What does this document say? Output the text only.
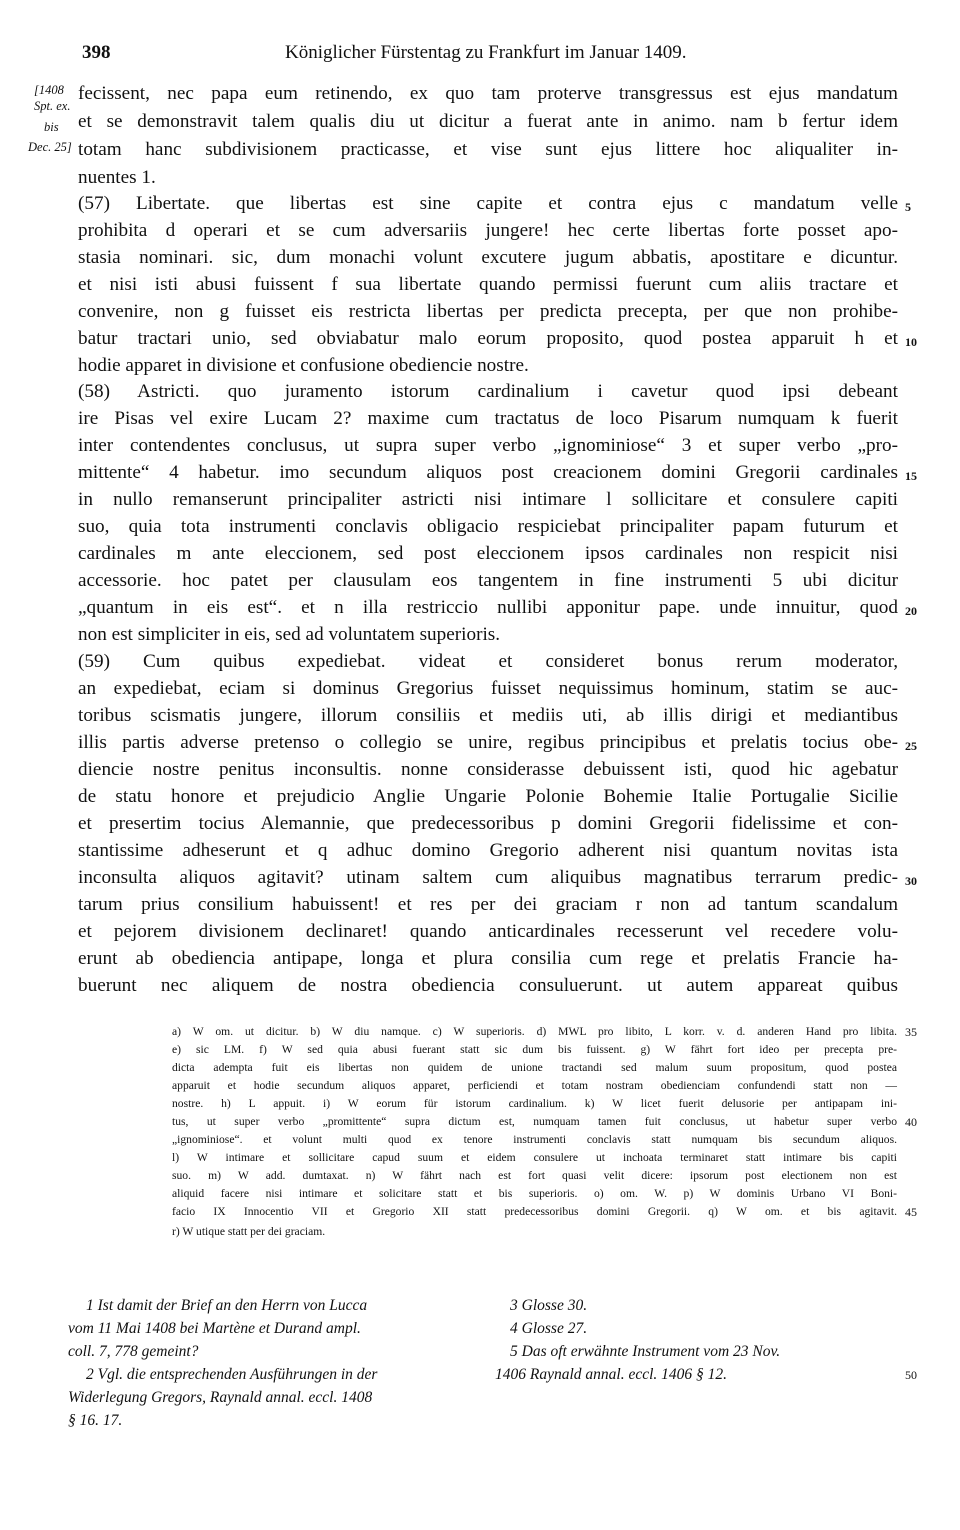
398	Königlicher Fürstentag zu Frankfurt im Januar 1409.
[1408
Spt. ex.
bis
Dec. 25]
fecissent, nec papa eum retinendo, ex quo tam proterve transgressus est ejus mandatum
et se demonstravit talem qualis diu ut dicitur a fuerat ante in animo. nam b fertur idem
totam hanc subdivisionem practicasse, et vise sunt ejus littere hoc aliqualiter in-
nuentes 1.
(57) Libertate. que libertas est sine capite et contra ejus c mandatum velle
prohibita d operari et se cum adversariis jungere! hec certe libertas forte posset apo-
stasia nominari. sic, dum monachi volunt excutere jugum abbatis, apostitare e dicuntur.
et nisi isti abusi fuissent f sua libertate quando permissi fuerunt cum aliis tractare et
convenire, non g fuisset eis restricta libertas per predicta precepta, per que non prohibe-
batur tractari unio, sed obviabatur malo eorum proposito, quod postea apparuit h et
hodie apparet in divisione et confusione obediencie nostre.
(58) Astricti. quo juramento istorum cardinalium i cavetur quod ipsi debeant
ire Pisas vel exire Lucam 2? maxime cum tractatus de loco Pisarum numquam k fuerit
inter contendentes conclusus, ut supra super verbo „ignominiose“ 3 et super verbo „pro-
mittente“ 4 habetur. imo secundum aliquos post creacionem domini Gregorii cardinales
in nullo remanserunt principaliter astricti nisi intimare l sollicitare et consulere capiti
suo, quia tota instrumenti conclavis obligacio respiciebat principaliter papam futurum et
cardinales m ante eleccionem, sed post eleccionem ipsos cardinales non respicit nisi
accessorie. hoc patet per clausulam eos tangentem in fine instrumenti 5 ubi dicitur
„quantum in eis est“. et n illa restriccio nullibi apponitur pape. unde innuitur, quod
non est simpliciter in eis, sed ad voluntatem superioris.
(59) Cum quibus expediebat. videat et consideret bonus rerum moderator,
an expediebat, eciam si dominus Gregorius fuisset nequissimus hominum, statim se auc-
toribus scismatis jungere, illorum consiliis et mediis uti, ab illis dirigi et mediantibus
illis partis adverse pretenso o collegio se unire, regibus principibus et prelatis tocius obe-
diencie nostre penitus inconsultis. nonne considerasse debuissent isti, quod hic agebatur
de statu honore et prejudicio Anglie Ungarie Polonie Bohemie Italie Portugalie Sicilie
et presertim tocius Alemannie, que predecessoribus p domini Gregorii fidelissime et con-
stantissime adheserunt et q adhuc domino Gregorio adherent nisi quantum novitas ista
inconsulta aliquos agitavit? utinam saltem cum aliquibus magnatibus terrarum predic-
tarum prius consilium habuissent! et res per dei graciam r non ad tantum scandalum
et pejorem divisionem declinaret! quando anticardinales recesserunt vel recedere volu-
erunt ab obediencia antipape, longa et plura consilia cum rege et prelatis Francie ha-
buerunt nec aliquem de nostra obediencia consuluerunt. ut autem appareat quibus
5
10
15
20
25
30
a) W om. ut dicitur. b) W diu namque. c) W superioris. d) MWL pro libito, L korr. v. d. anderen Hand pro libita.
e) sic LM. f) W sed quia abusi fuerant statt sic dum bis fuissent. g) W fährt fort ideo per precepta pre-
dicta adempta fuit eis libertas non quidem de unione tractandi sed malum suum propositum, quod postea
apparuit et hodie secundum aliquos apparet, perficiendi et totam nostram obedienciam confundendi statt non —
nostre. h) L appuit. i) W eorum für istorum cardinalium. k) W licet fuerit delusorie per antipapam ini-
tus, ut super verbo „promittente“ supra dictum est, numquam tamen fuit conclusus, ut habetur super verbo
„ignominiose“. et volunt multi quod ex tenore instrumenti conclavis statt numquam bis secundum aliquos.
l) W intimare et sollicitare capud suum et eidem consulere ut inchoata terminaret statt intimare bis capiti
suo. m) W add. dumtaxat. n) W fährt nach est fort quasi velit dicere: ipsorum post electionem non est
aliquid facere nisi intimare et solicitare statt et bis superioris. o) om. W. p) W dominis Urbano VI Boni-
facio IX Innocentio VII et Gregorio XII statt predecessoribus domini Gregorii. q) W om. et bis agitavit.
r) W utique statt per dei graciam.
35
40
45
1 Ist damit der Brief an den Herrn von Lucca
vom 11 Mai 1408 bei Martène et Durand ampl.
coll. 7, 778 gemeint?
2 Vgl. die entsprechenden Ausführungen in der
Widerlegung Gregors, Raynald annal. eccl. 1408
§ 16. 17.
3 Glosse 30.
4 Glosse 27.
5 Das oft erwähnte Instrument vom 23 Nov.
1406 Raynald annal. eccl. 1406 § 12.	50
